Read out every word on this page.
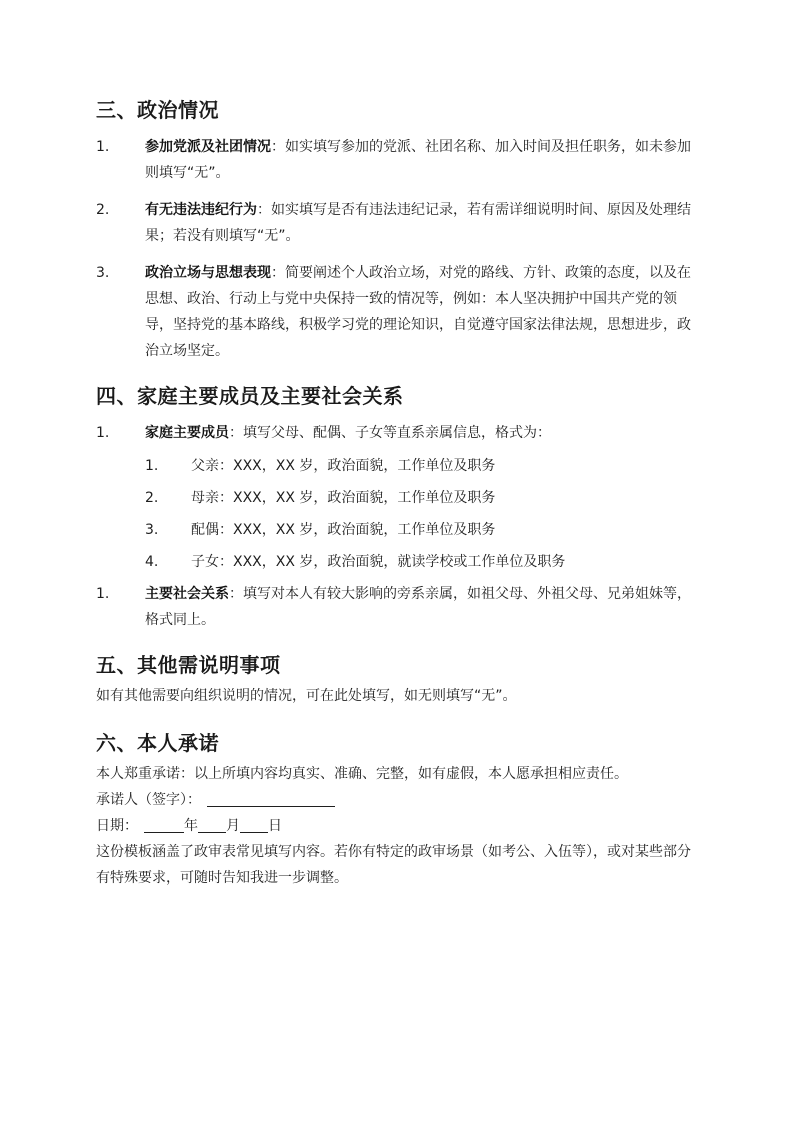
三、政治情况
1.	参加党派及社团情况：如实填写参加的党派、社团名称、加入时间及担任职务，如未参加则填写“无”。
2.	有无违法违纪行为：如实填写是否有违法违纪记录，若有需详细说明时间、原因及处理结果；若没有则填写“无”。
3.	政治立场与思想表现：简要阐述个人政治立场，对党的路线、方针、政策的态度，以及在思想、政治、行动上与党中央保持一致的情况等，例如：本人坚决拥护中国共产党的领导，坚持党的基本路线，积极学习党的理论知识，自觉遵守国家法律法规，思想进步，政治立场坚定。
四、家庭主要成员及主要社会关系
1.	家庭主要成员：填写父母、配偶、子女等直系亲属信息，格式为：
1. 父亲：XXX，XX 岁，政治面貌，工作单位及职务
2. 母亲：XXX，XX 岁，政治面貌，工作单位及职务
3. 配偶：XXX，XX 岁，政治面貌，工作单位及职务
4. 子女：XXX，XX 岁，政治面貌，就读学校或工作单位及职务
1.	主要社会关系：填写对本人有较大影响的旁系亲属，如祖父母、外祖父母、兄弟姐妹等，格式同上。
五、其他需说明事项

如有其他需要向组织说明的情况，可在此处填写，如无则填写“无”。

六、本人承诺

本人郑重承诺：以上所填内容均真实、准确、完整，如有虚假，本人愿承担相应责任。

承诺人（签字）：

日期：	年 月 日

这份模板涵盖了政审表常见填写内容。若你有特定的政审场景（如考公、入伍等），或对某些部分有特殊要求，可随时告知我进一步调整。
